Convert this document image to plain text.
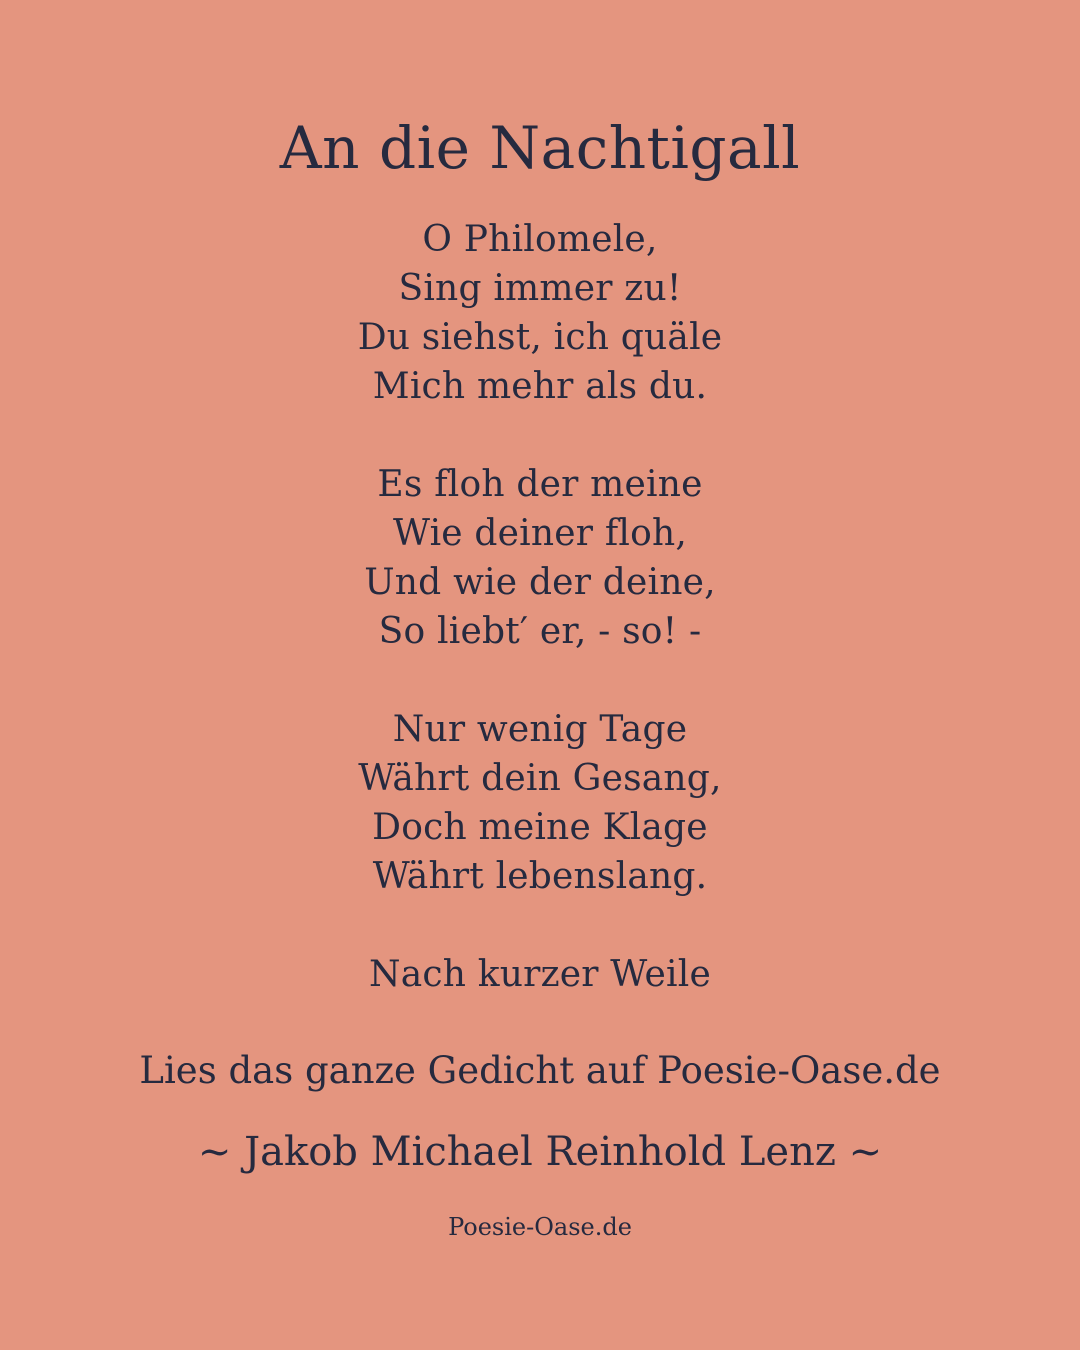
An die Nachtigall
O Philomele,
Sing immer zu!
Du siehst, ich quäle
Mich mehr als du.
Es floh der meine
Wie deiner floh,
Und wie der deine,
So liebt′ er, - so! -
Nur wenig Tage
Währt dein Gesang,
Doch meine Klage
Währt lebenslang.
Nach kurzer Weile
Lies das ganze Gedicht auf Poesie-Oase.de
~ Jakob Michael Reinhold Lenz ~
Poesie-Oase.de
